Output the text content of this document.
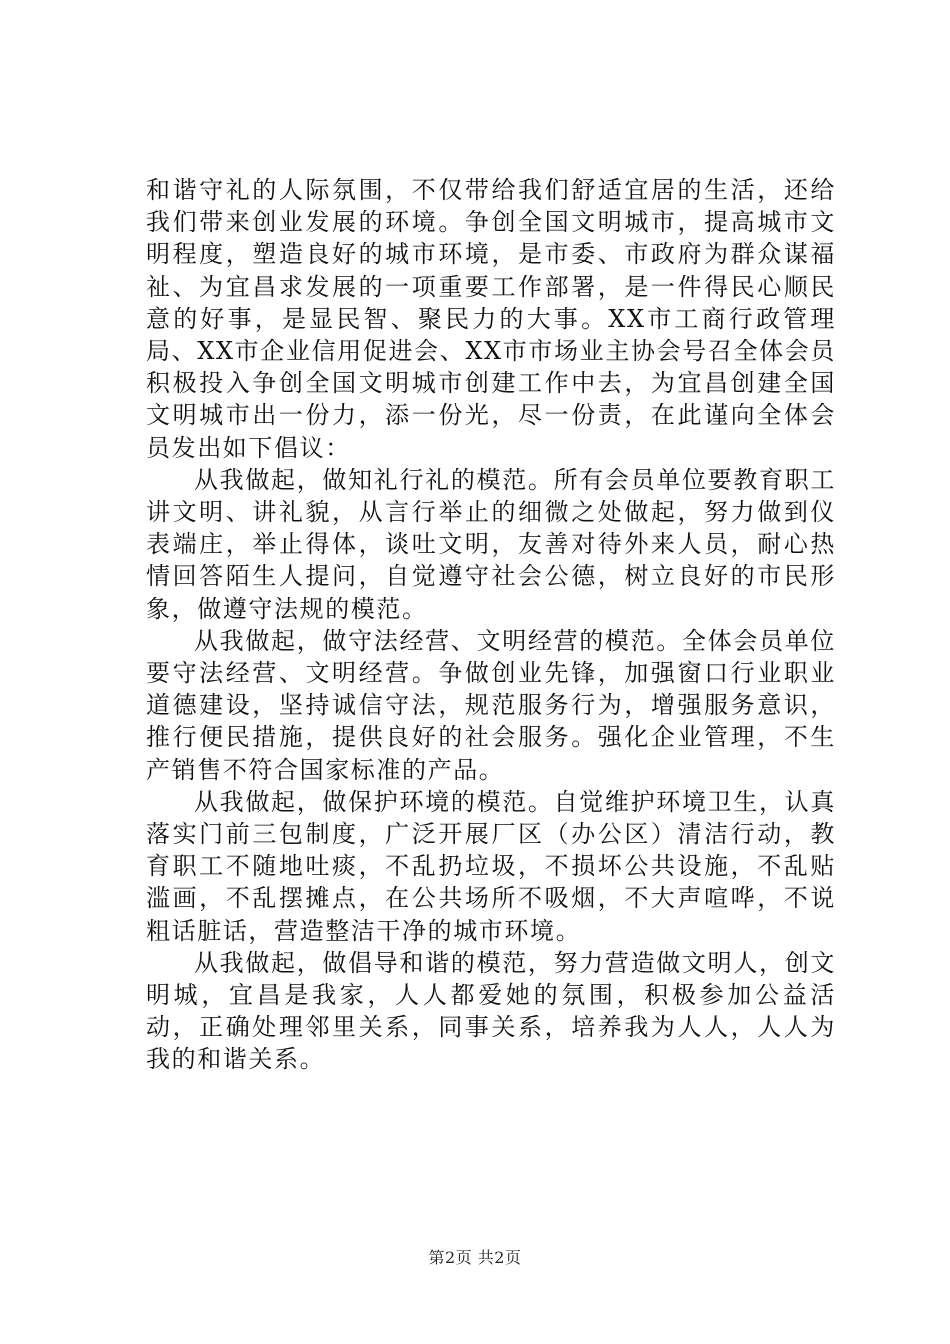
和谐守礼的人际氛围，不仅带给我们舒适宜居的生活，还给我们带来创业发展的环境。争创全国文明城市，提高城市文明程度，塑造良好的城市环境，是市委、市政府为群众谋福祉、为宜昌求发展的一项重要工作部署，是一件得民心顺民意的好事，是显民智、聚民力的大事。XX市工商行政管理局、XX市企业信用促进会、XX市市场业主协会号召全体会员积极投入争创全国文明城市创建工作中去，为宜昌创建全国文明城市出一份力，添一份光，尽一份责，在此谨向全体会员发出如下倡议：

从我做起，做知礼行礼的模范。所有会员单位要教育职工讲文明、讲礼貌，从言行举止的细微之处做起，努力做到仪表端庄，举止得体，谈吐文明，友善对待外来人员，耐心热情回答陌生人提问，自觉遵守社会公德，树立良好的市民形象，做遵守法规的模范。

从我做起，做守法经营、文明经营的模范。全体会员单位要守法经营、文明经营。争做创业先锋，加强窗口行业职业道德建设，坚持诚信守法，规范服务行为，增强服务意识，推行便民措施，提供良好的社会服务。强化企业管理，不生产销售不符合国家标准的产品。

从我做起，做保护环境的模范。自觉维护环境卫生，认真落实门前三包制度，广泛开展厂区（办公区）清洁行动，教育职工不随地吐痰，不乱扔垃圾，不损坏公共设施，不乱贴滥画，不乱摆摊点，在公共场所不吸烟，不大声喧哗，不说粗话脏话，营造整洁干净的城市环境。

从我做起，做倡导和谐的模范，努力营造做文明人，创文明城，宜昌是我家，人人都爱她的氛围，积极参加公益活动，正确处理邻里关系，同事关系，培养我为人人，人人为我的和谐关系。

第2页 共2页
